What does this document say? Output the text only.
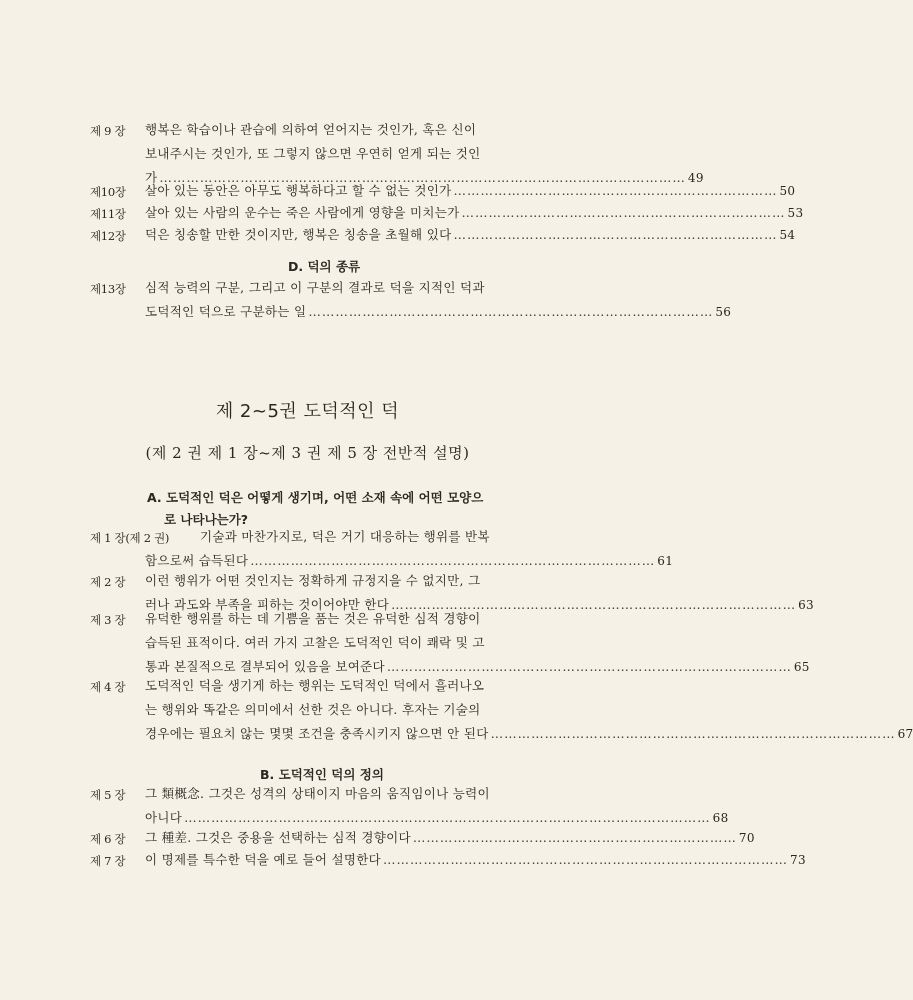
제 9 장 행복은 학습이나 관습에 의하여 얻어지는 것인가, 혹은 신이
보내주시는 것인가, 또 그렇지 않으면 우연히 얻게 되는 것인
가 ……………………………………………………………………………………………………… 49
제10장 살아 있는 동안은 아무도 행복하다고 할 수 없는 것인가 ……………………………………………………………… 50
제11장 살아 있는 사람의 운수는 죽은 사람에게 영향을 미치는가 ……………………………………………………………… 53
제12장 덕은 칭송할 만한 것이지만, 행복은 칭송을 초월해 있다 ……………………………………………………………… 54
D. 덕의 종류
제13장 심적 능력의 구분, 그리고 이 구분의 결과로 덕을 지적인 덕과
도덕적인 덕으로 구분하는 일 ……………………………………………………………………………… 56
제 2~5권 도덕적인 덕
(제 2 권 제 1 장~제 3 권 제 5 장 전반적 설명)
A. 도덕적인 덕은 어떻게 생기며, 어떤 소재 속에 어떤 모양으
로 나타나는가?
제 1 장(제 2 권)	기술과 마찬가지로, 덕은 거기 대응하는 행위를 반복
함으로써 습득된다 ……………………………………………………………………………… 61
제 2 장 이런 행위가 어떤 것인지는 정확하게 규정지을 수 없지만, 그
러나 과도와 부족을 피하는 것이어야만 한다 ……………………………………………………………………………… 63
제 3 장 유덕한 행위를 하는 데 기쁨을 품는 것은 유덕한 심적 경향이
습득된 표적이다. 여러 가지 고찰은 도덕적인 덕이 쾌락 및 고
통과 본질적으로 결부되어 있음을 보여준다 ……………………………………………………………………………… 65
제 4 장 도덕적인 덕을 생기게 하는 행위는 도덕적인 덕에서 흘러나오
는 행위와 똑같은 의미에서 선한 것은 아니다. 후자는 기술의
경우에는 필요치 않는 몇몇 조건을 충족시키지 않으면 안 된다 ……………………………………………………………………………… 67
B. 도덕적인 덕의 정의
제 5 장 그 類概念. 그것은 성격의 상태이지 마음의 움직임이나 능력이
아니다 ……………………………………………………………………………………………………… 68
제 6 장 그 種差. 그것은 중용을 선택하는 심적 경향이다 ……………………………………………………………… 70
제 7 장 이 명제를 특수한 덕을 예로 들어 설명한다 ……………………………………………………………………………… 73
